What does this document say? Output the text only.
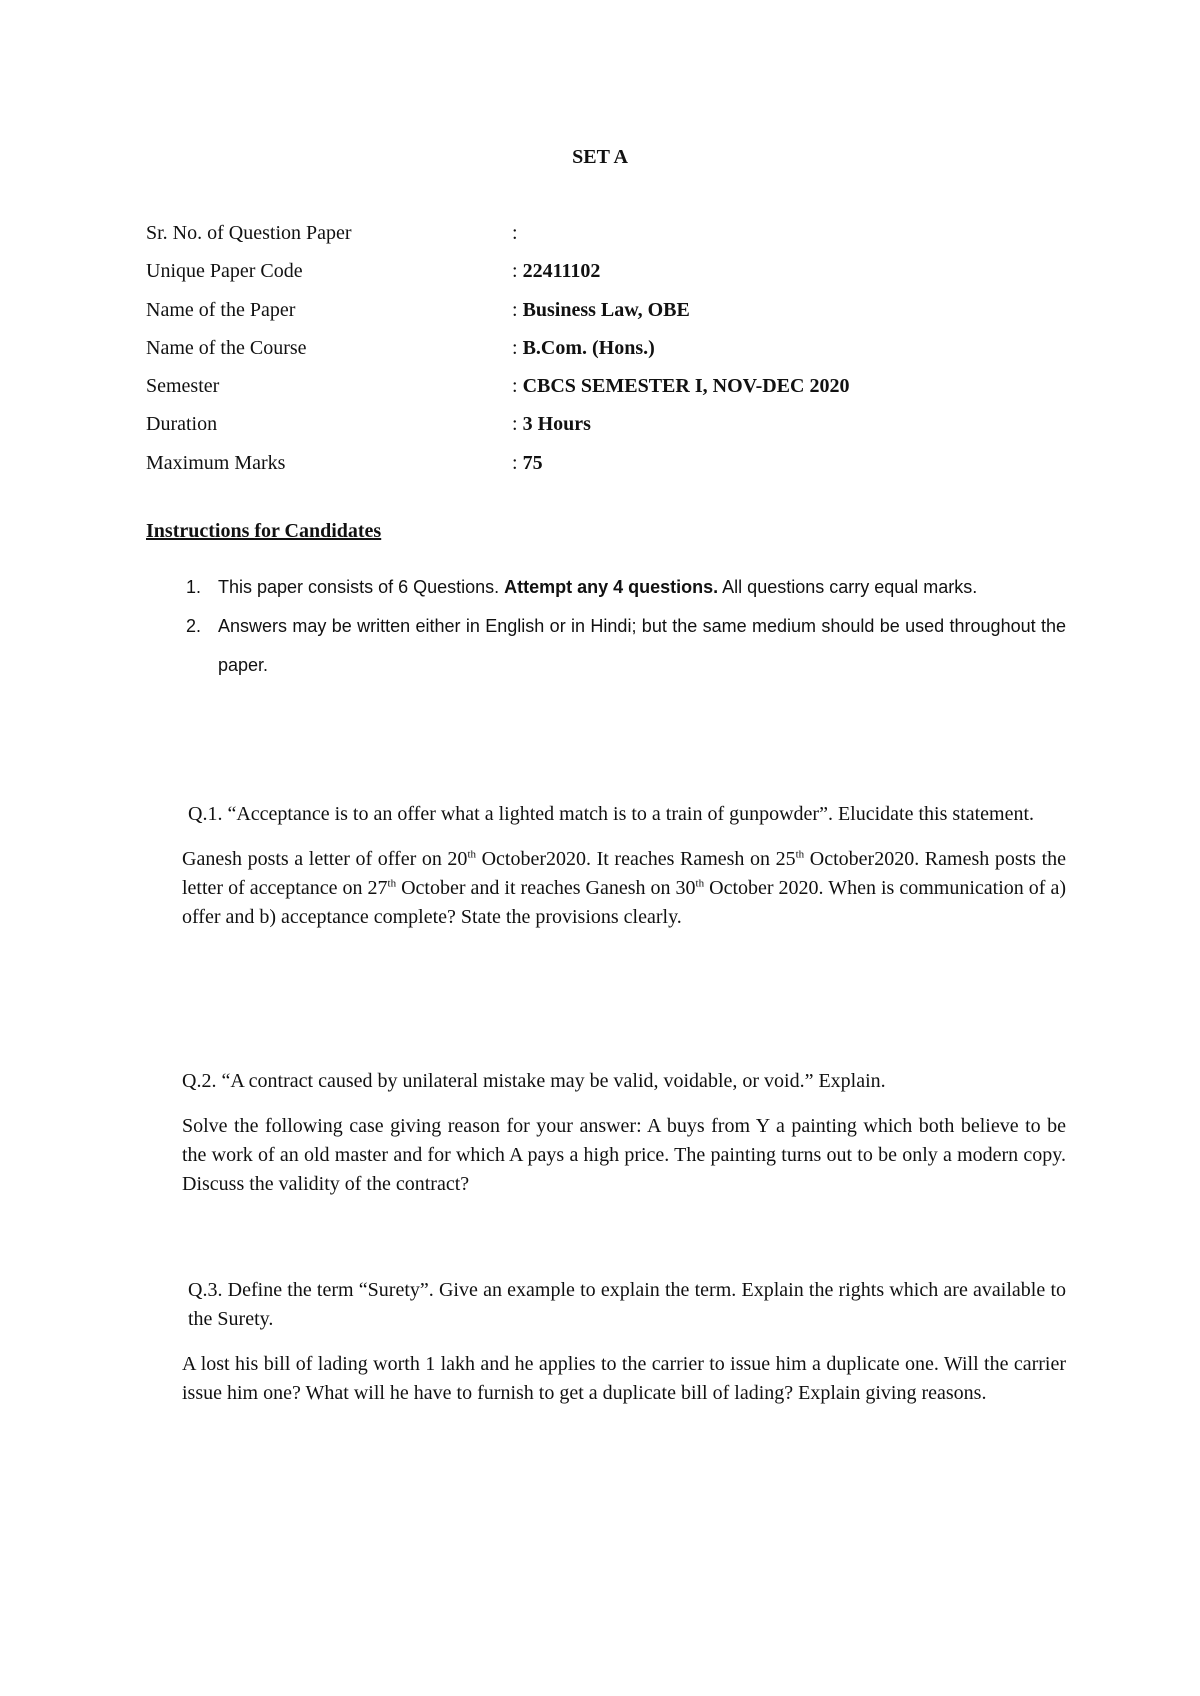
SET A
Sr. No. of Question Paper	:
Unique Paper Code	: 22411102
Name of the Paper	: Business Law, OBE
Name of the Course	: B.Com. (Hons.)
Semester	: CBCS SEMESTER I, NOV-DEC 2020
Duration	: 3 Hours
Maximum Marks	: 75
Instructions for Candidates
1. This paper consists of 6 Questions. Attempt any 4 questions. All questions carry equal marks.
2. Answers may be written either in English or in Hindi; but the same medium should be used throughout the paper.

Q.1. “Acceptance is to an offer what a lighted match is to a train of gunpowder”. Elucidate this statement.

Ganesh posts a letter of offer on 20th October2020. It reaches Ramesh on 25th October2020. Ramesh posts the letter of acceptance on 27th October and it reaches Ganesh on 30th October 2020. When is communication of a) offer and b) acceptance complete? State the provisions clearly.

Q.2. “A contract caused by unilateral mistake may be valid, voidable, or void.” Explain.

Solve the following case giving reason for your answer: A buys from Y a painting which both believe to be the work of an old master and for which A pays a high price. The painting turns out to be only a modern copy. Discuss the validity of the contract?

Q.3. Define the term “Surety”. Give an example to explain the term. Explain the rights which are available to the Surety.

A lost his bill of lading worth 1 lakh and he applies to the carrier to issue him a duplicate one. Will the carrier issue him one? What will he have to furnish to get a duplicate bill of lading? Explain giving reasons.
